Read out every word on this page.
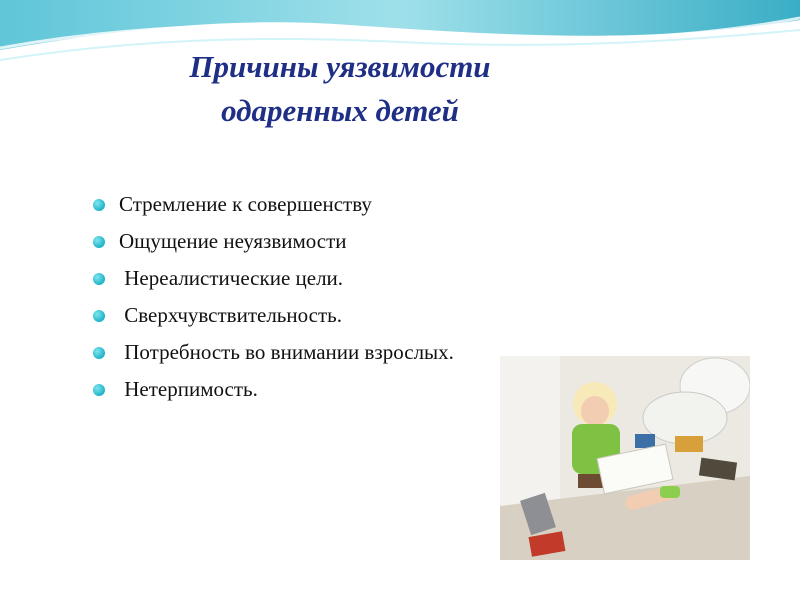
Причины уязвимости
одаренных детей
Стремление к совершенству
Ощущение неуязвимости
Нереалистические цели.
Сверхчувствительность.
Потребность во внимании взрослых.
Нетерпимость.
